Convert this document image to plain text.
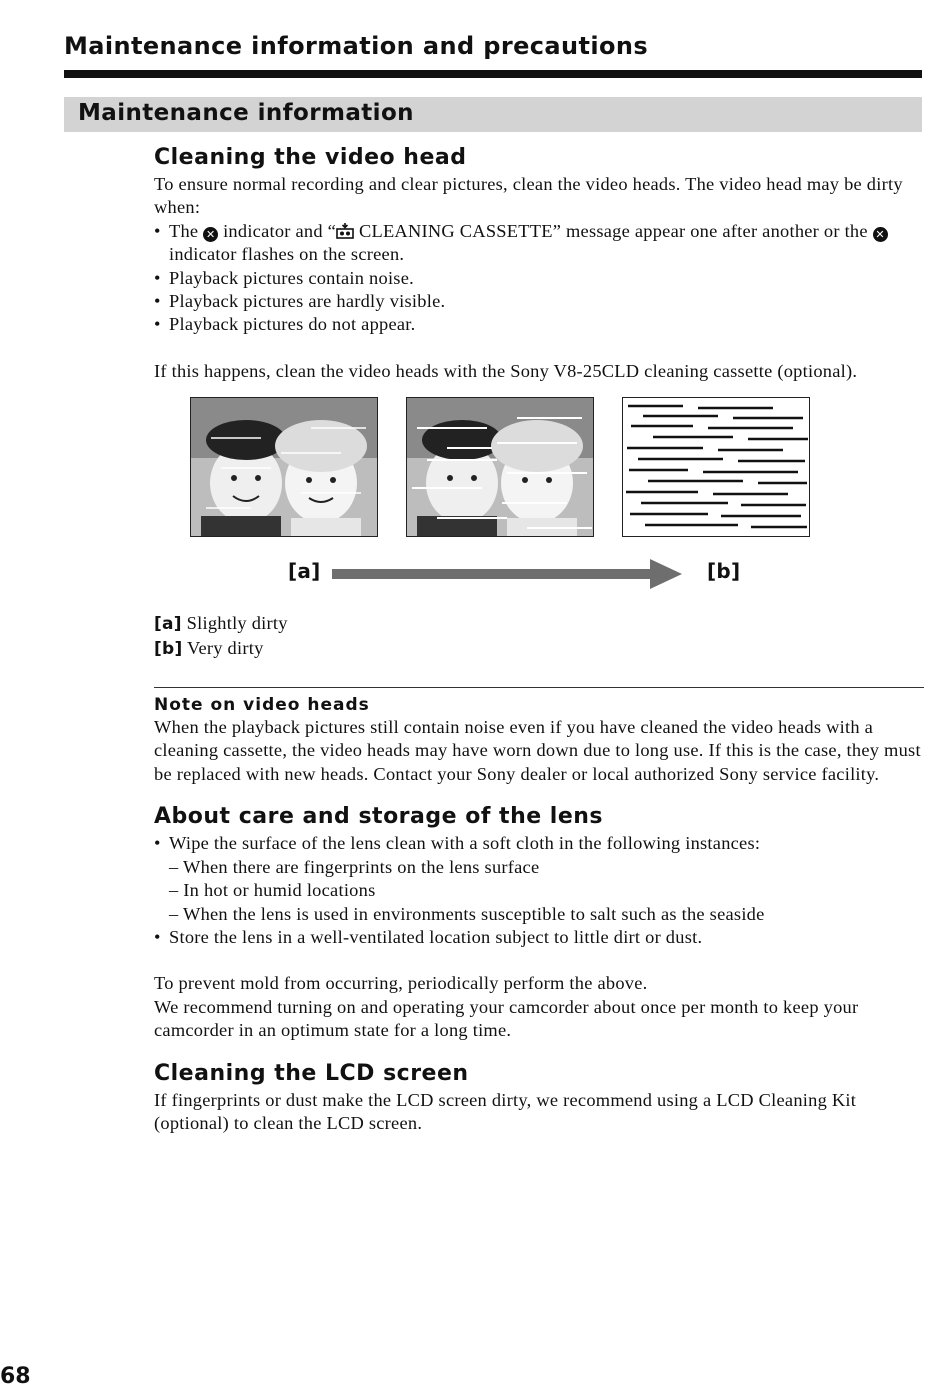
Maintenance information and precautions
Maintenance information
Cleaning the video head

To ensure normal recording and clear pictures, clean the video heads. The video head may be dirty when:

• The ✕ indicator and “ CLEANING CASSETTE” message appear one after another or the ✕ indicator flashes on the screen.
• Playback pictures contain noise.
• Playback pictures are hardly visible.
• Playback pictures do not appear.

If this happens, clean the video heads with the Sony V8-25CLD cleaning cassette (optional).

[a]	[b]

[a] Slightly dirty

[b] Very dirty

Note on video heads

When the playback pictures still contain noise even if you have cleaned the video heads with a cleaning cassette, the video heads may have worn down due to long use. If this is the case, they must be replaced with new heads. Contact your Sony dealer or local authorized Sony service facility.

About care and storage of the lens
• Wipe the surface of the lens clean with a soft cloth in the following instances:
– When there are fingerprints on the lens surface
– In hot or humid locations
– When the lens is used in environments susceptible to salt such as the seaside
• Store the lens in a well-ventilated location subject to little dirt or dust.

To prevent mold from occurring, periodically perform the above.

We recommend turning on and operating your camcorder about once per month to keep your camcorder in an optimum state for a long time.

Cleaning the LCD screen

If fingerprints or dust make the LCD screen dirty, we recommend using a LCD Cleaning Kit (optional) to clean the LCD screen.

68
